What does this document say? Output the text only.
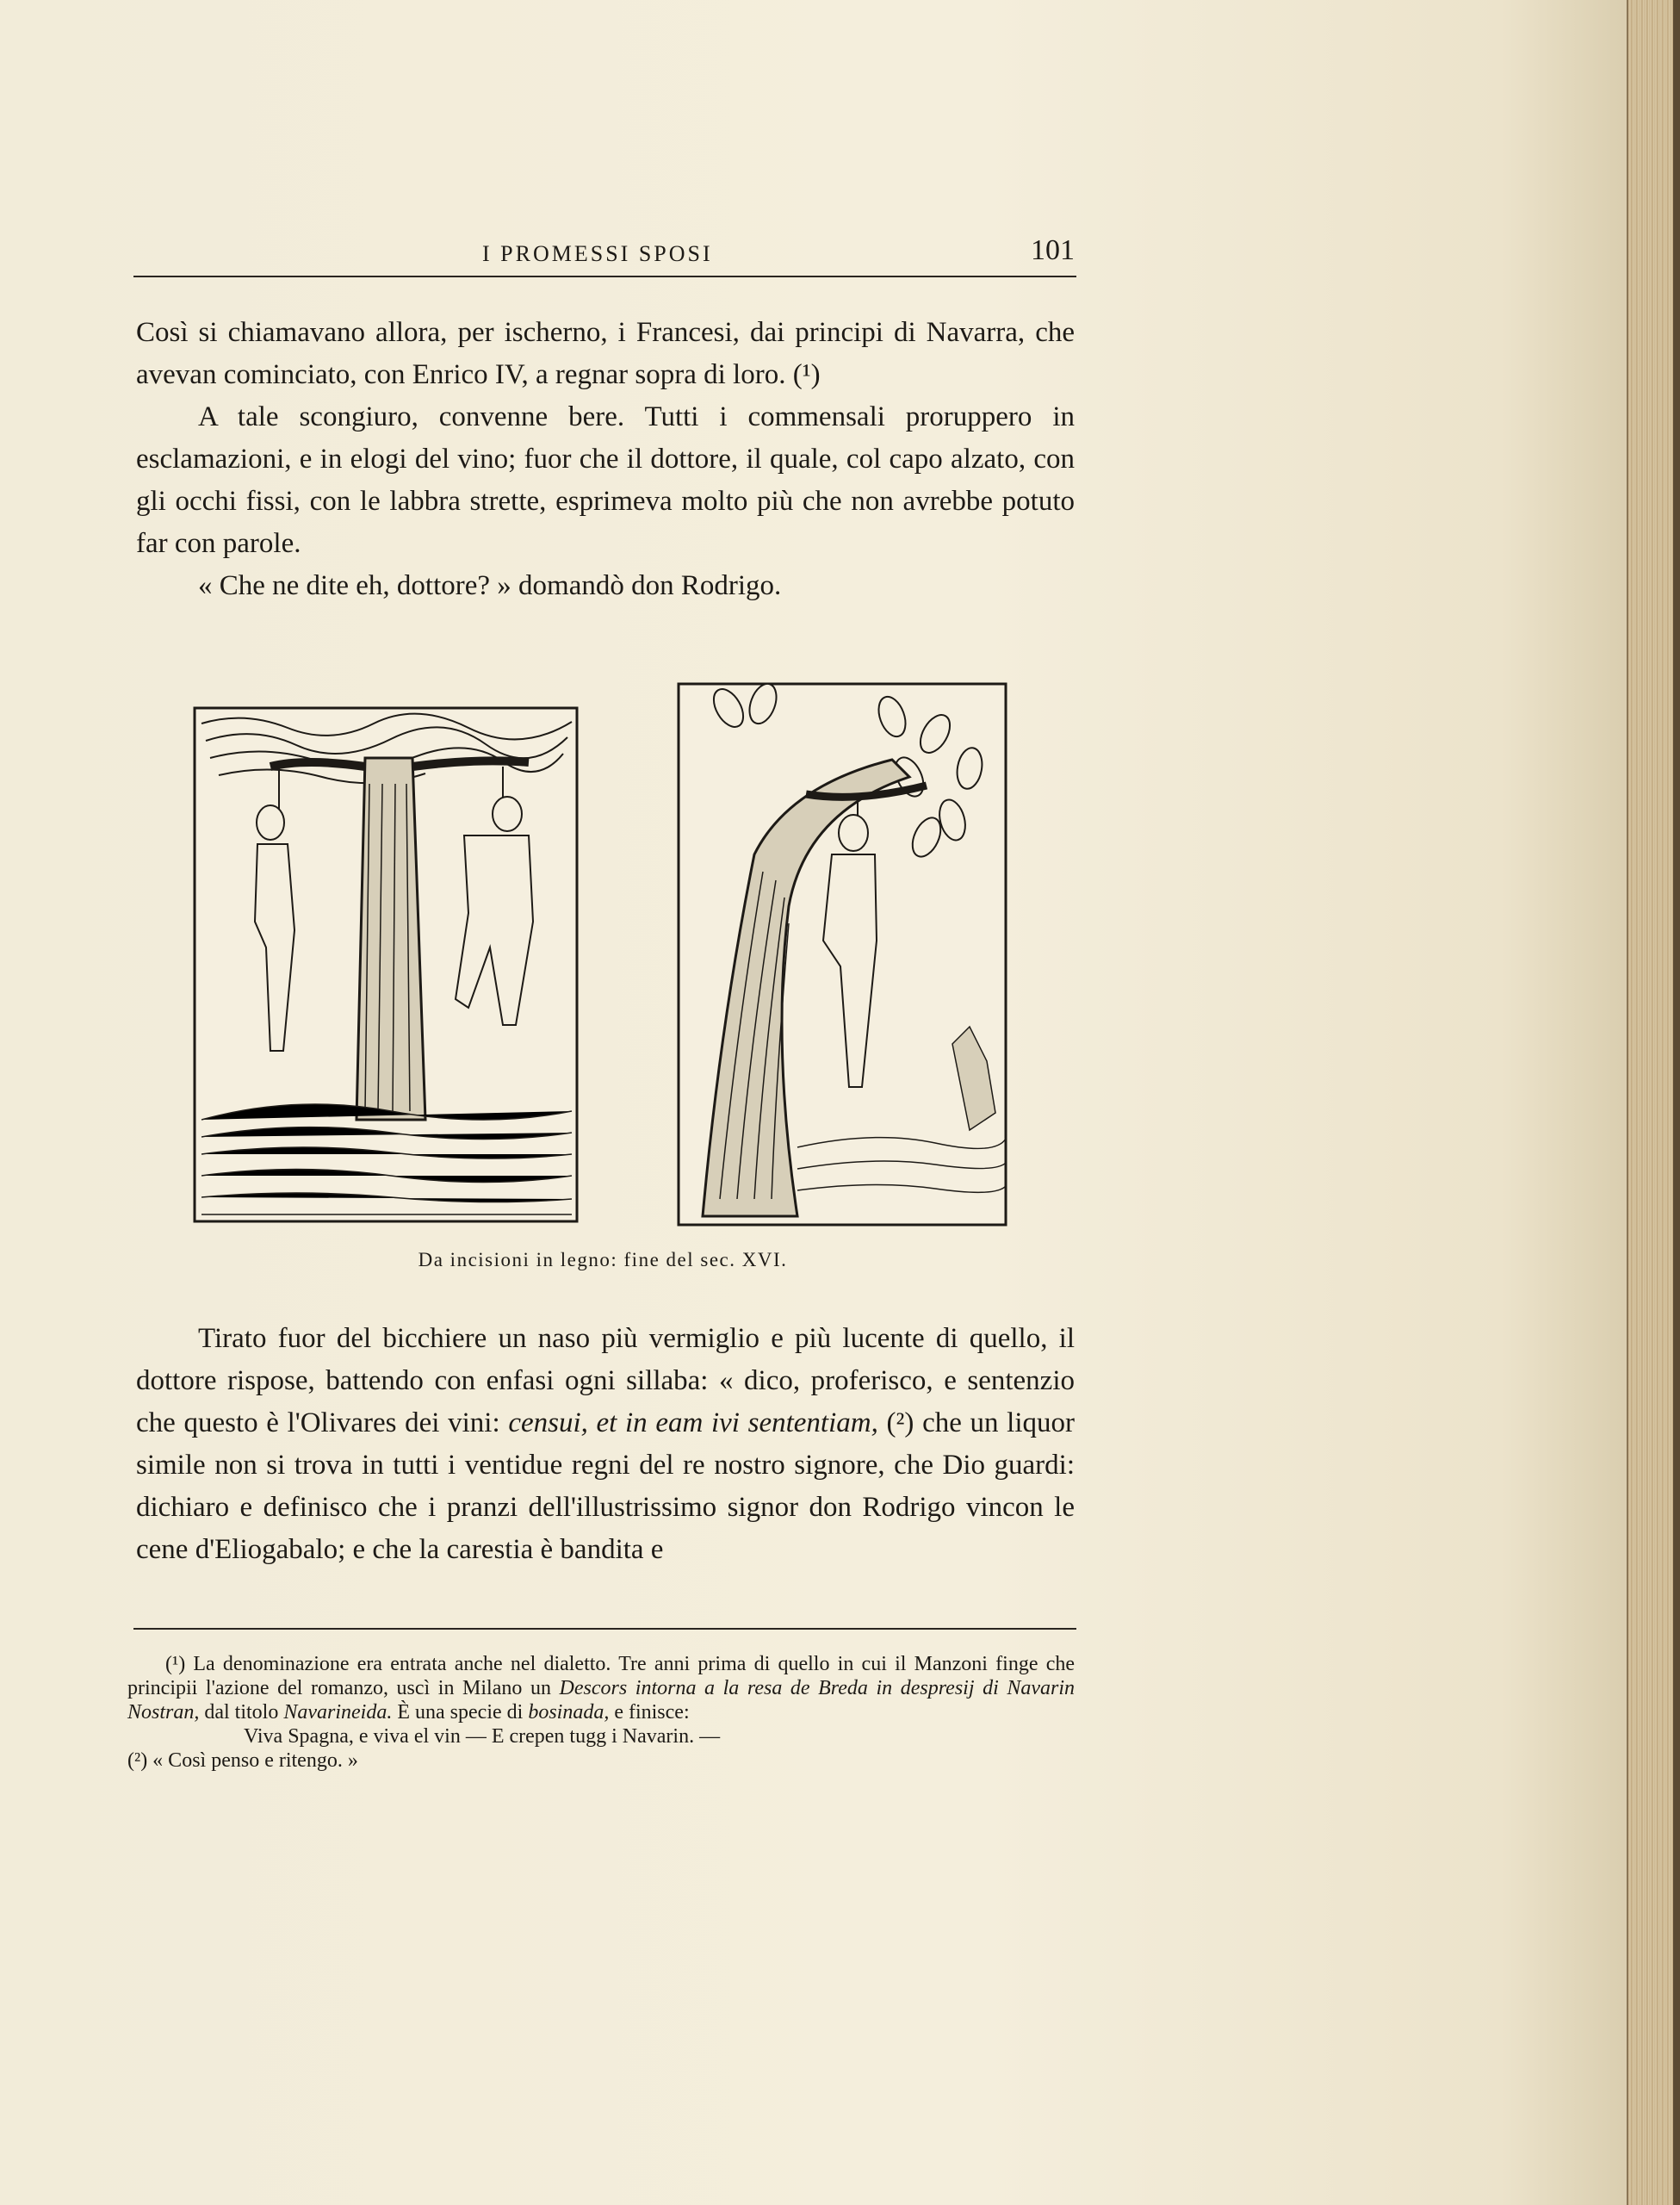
I PROMESSI SPOSI	101

Così si chiamavano allora, per ischerno, i Francesi, dai principi di Navarra, che avevan cominciato, con Enrico IV, a regnar sopra di loro. (¹)

A tale scongiuro, convenne bere. Tutti i commensali proruppero in esclamazioni, e in elogi del vino; fuor che il dottore, il quale, col capo alzato, con gli occhi fissi, con le labbra strette, esprimeva molto più che non avrebbe potuto far con parole.

« Che ne dite eh, dottore? » domandò don Rodrigo.

Da incisioni in legno: fine del sec. XVI.

Tirato fuor del bicchiere un naso più vermiglio e più lucente di quello, il dottore rispose, battendo con enfasi ogni sillaba: « dico, proferisco, e sentenzio che questo è l'Olivares dei vini: censui, et in eam ivi sententiam, (²) che un liquor simile non si trova in tutti i ventidue regni del re nostro signore, che Dio guardi: dichiaro e definisco che i pranzi dell'illustrissimo signor don Rodrigo vincon le cene d'Eliogabalo; e che la carestia è bandita e

(¹) La denominazione era entrata anche nel dialetto. Tre anni prima di quello in cui il Manzoni finge che principii l'azione del romanzo, uscì in Milano un Descors intorna a la resa de Breda in despresij di Navarin Nostran, dal titolo Navarineida. È una specie di bosinada, e finisce:

Viva Spagna, e viva el vin — E crepen tugg i Navarin. —

(²) « Così penso e ritengo. »
